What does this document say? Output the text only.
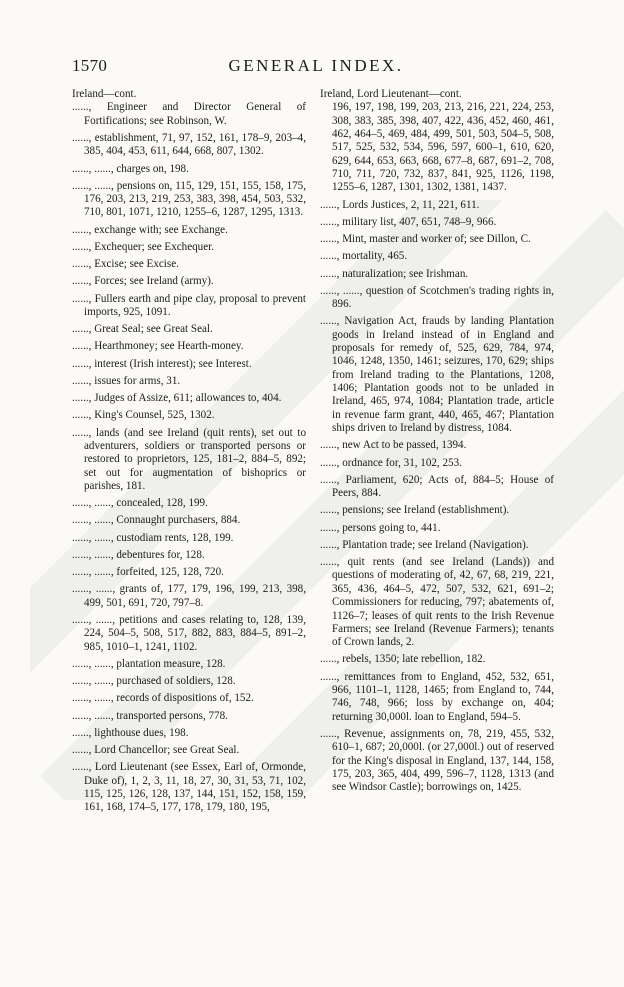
1570	GENERAL INDEX.
Ireland—cont.

......, Engineer and Director General of Fortifications; see Robinson, W.

......, establishment, 71, 97, 152, 161, 178–9, 203–4, 385, 404, 453, 611, 644, 668, 807, 1302.

......, ......, charges on, 198.

......, ......, pensions on, 115, 129, 151, 155, 158, 175, 176, 203, 213, 219, 253, 383, 398, 454, 503, 532, 710, 801, 1071, 1210, 1255–6, 1287, 1295, 1313.

......, exchange with; see Exchange.

......, Exchequer; see Exchequer.

......, Excise; see Excise.

......, Forces; see Ireland (army).

......, Fullers earth and pipe clay, proposal to prevent imports, 925, 1091.

......, Great Seal; see Great Seal.

......, Hearthmoney; see Hearth-money.

......, interest (Irish interest); see Interest.

......, issues for arms, 31.

......, Judges of Assize, 611; allowances to, 404.

......, King's Counsel, 525, 1302.

......, lands (and see Ireland (quit rents), set out to adventurers, soldiers or transported persons or restored to proprietors, 125, 181–2, 884–5, 892; set out for augmentation of bishoprics or parishes, 181.

......, ......, concealed, 128, 199.

......, ......, Connaught purchasers, 884.

......, ......, custodiam rents, 128, 199.

......, ......, debentures for, 128.

......, ......, forfeited, 125, 128, 720.

......, ......, grants of, 177, 179, 196, 199, 213, 398, 499, 501, 691, 720, 797–8.

......, ......, petitions and cases relating to, 128, 139, 224, 504–5, 508, 517, 882, 883, 884–5, 891–2, 985, 1010–1, 1241, 1102.

......, ......, plantation measure, 128.

......, ......, purchased of soldiers, 128.

......, ......, records of dispositions of, 152.

......, ......, transported persons, 778.

......, lighthouse dues, 198.

......, Lord Chancellor; see Great Seal.

......, Lord Lieutenant (see Essex, Earl of, Ormonde, Duke of), 1, 2, 3, 11, 18, 27, 30, 31, 53, 71, 102, 115, 125, 126, 128, 137, 144, 151, 152, 158, 159, 161, 168, 174–5, 177, 178, 179, 180, 195,

Ireland, Lord Lieutenant—cont.

196, 197, 198, 199, 203, 213, 216, 221, 224, 253, 308, 383, 385, 398, 407, 422, 436, 452, 460, 461, 462, 464–5, 469, 484, 499, 501, 503, 504–5, 508, 517, 525, 532, 534, 596, 597, 600–1, 610, 620, 629, 644, 653, 663, 668, 677–8, 687, 691–2, 708, 710, 711, 720, 732, 837, 841, 925, 1126, 1198, 1255–6, 1287, 1301, 1302, 1381, 1437.

......, Lords Justices, 2, 11, 221, 611.

......, military list, 407, 651, 748–9, 966.

......, Mint, master and worker of; see Dillon, C.

......, mortality, 465.

......, naturalization; see Irishman.

......, ......, question of Scotchmen's trading rights in, 896.

......, Navigation Act, frauds by landing Plantation goods in Ireland instead of in England and proposals for remedy of, 525, 629, 784, 974, 1046, 1248, 1350, 1461; seizures, 170, 629; ships from Ireland trading to the Plantations, 1208, 1406; Plantation goods not to be unladed in Ireland, 465, 974, 1084; Plantation trade, article in revenue farm grant, 440, 465, 467; Plantation ships driven to Ireland by distress, 1084.

......, new Act to be passed, 1394.

......, ordnance for, 31, 102, 253.

......, Parliament, 620; Acts of, 884–5; House of Peers, 884.

......, pensions; see Ireland (establishment).

......, persons going to, 441.

......, Plantation trade; see Ireland (Navigation).

......, quit rents (and see Ireland (Lands)) and questions of moderating of, 42, 67, 68, 219, 221, 365, 436, 464–5, 472, 507, 532, 621, 691–2; Commissioners for reducing, 797; abatements of, 1126–7; leases of quit rents to the Irish Revenue Farmers; see Ireland (Revenue Farmers); tenants of Crown lands, 2.

......, rebels, 1350; late rebellion, 182.

......, remittances from to England, 452, 532, 651, 966, 1101–1, 1128, 1465; from England to, 744, 746, 748, 966; loss by exchange on, 404; returning 30,000l. loan to England, 594–5.

......, Revenue, assignments on, 78, 219, 455, 532, 610–1, 687; 20,000l. (or 27,000l.) out of reserved for the King's disposal in England, 137, 144, 158, 175, 203, 365, 404, 499, 596–7, 1128, 1313 (and see Windsor Castle); borrowings on, 1425.
